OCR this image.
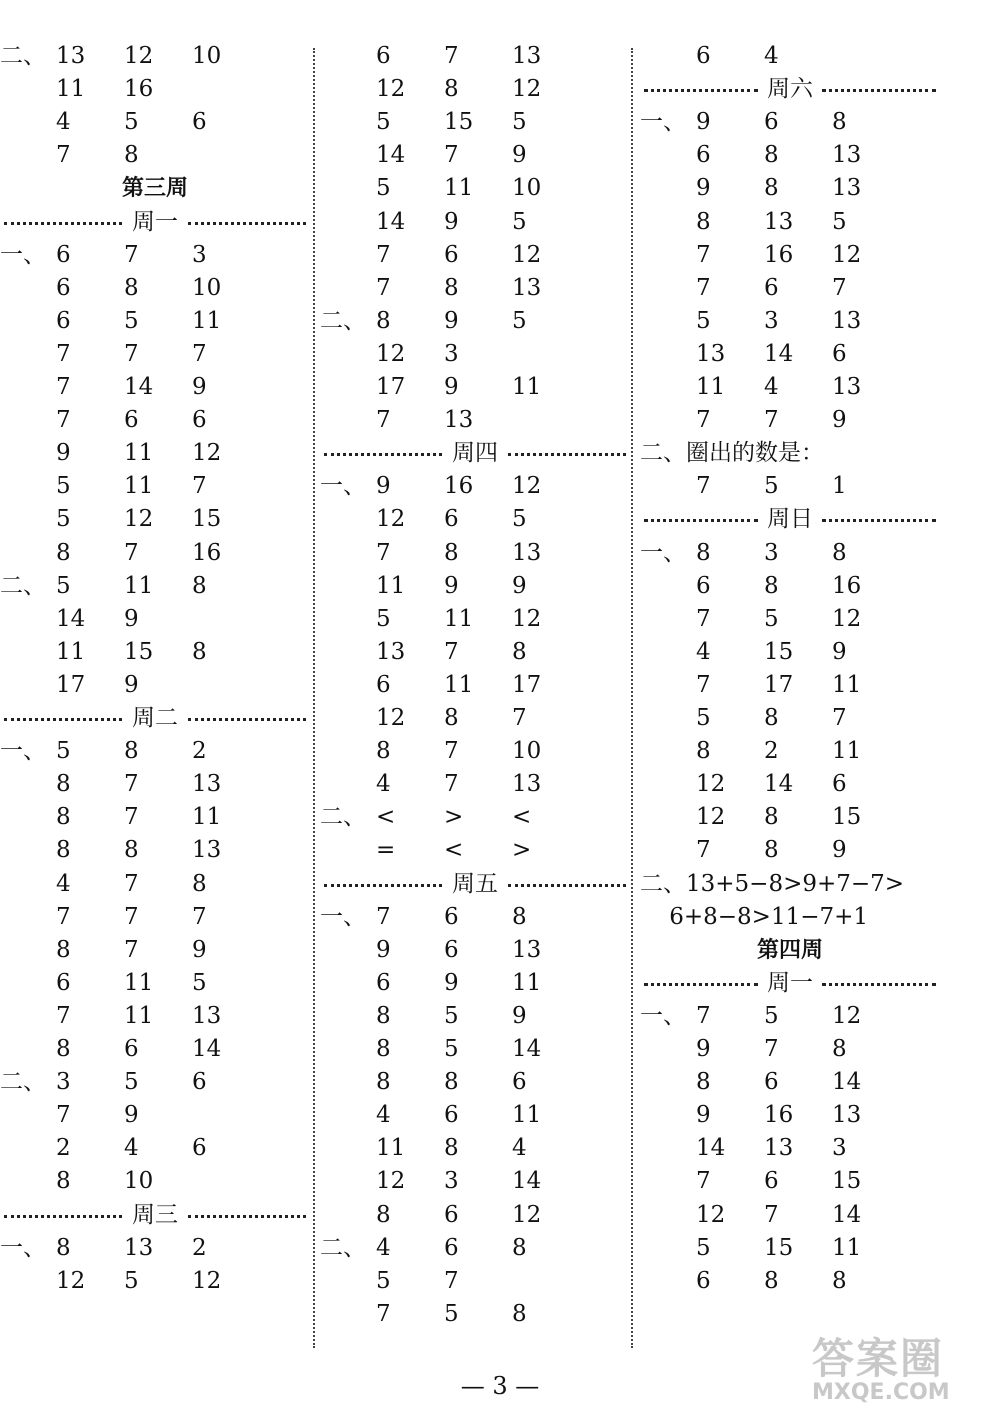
二、 13 12 10
11 16
4 5 6
7 8
第三周
周一
一、 6 7 3
6 8 10
6 5 11
7 7 7
7 14 9
7 6 6
9 11 12
5 11 7
5 12 15
8 7 16
二、 5 11 8
14 9
11 15 8
17 9
周二
一、 5 8 2
8 7 13
8 7 11
8 8 13
4 7 8
7 7 7
8 7 9
6 11 5
7 11 13
8 6 14
二、 3 5 6
7 9
2 4 6
8 10
周三
一、 8 13 2
12 5 12
6 7 13
12 8 12
5 15 5
14 7 9
5 11 10
14 9 5
7 6 12
7 8 13
二、 8 9 5
12 3
17 9 11
7 13
周四
一、 9 16 12
12 6 5
7 8 13
11 9 9
5 11 12
13 7 8
6 11 17
12 8 7
8 7 10
4 7 13
二、 < > <
= < >
周五
一、 7 6 8
9 6 13
6 9 11
8 5 9
8 5 14
8 8 6
4 6 11
11 8 4
12 3 14
8 6 12
二、 4 6 8
5 7
7 5 8
6 4
周六
一、 9 6 8
6 8 13
9 8 13
8 13 5
7 16 12
7 6 7
5 3 13
13 14 6
11 4 13
7 7 9
二、圈出的数是：
7 5 1
周日
一、 8 3 8
6 8 16
7 5 12
4 15 9
7 17 11
5 8 7
8 2 11
12 14 6
12 8 15
7 8 9
二、13+5−8>9+7−7>
6+8−8>11−7+1
第四周
周一
一、 7 5 12
9 7 8
8 6 14
9 16 13
14 13 3
7 6 15
12 7 14
5 15 11
6 8 8
— 3 —
答案圈
MXQE.COM
